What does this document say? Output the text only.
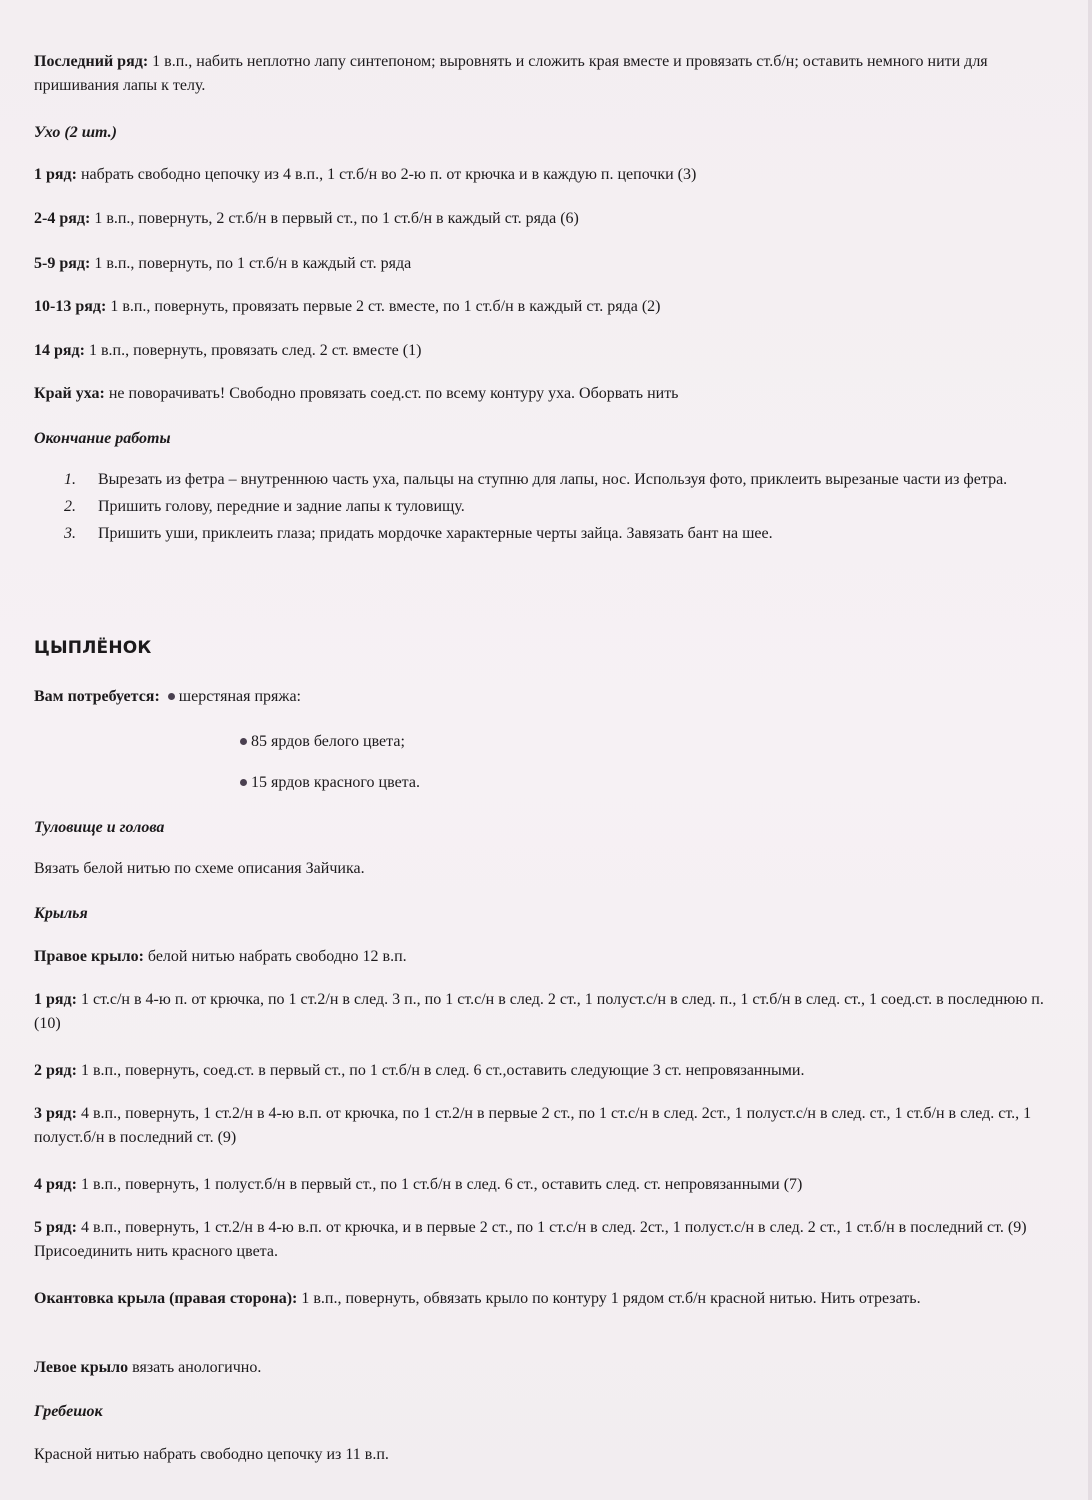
Последний ряд: 1 в.п., набить неплотно лапу синтепоном; выровнять и сложить края вместе и провязать ст.б/н; оставить немного нити для пришивания лапы к телу.

Ухо (2 шт.)

1 ряд: набрать свободно цепочку из 4 в.п., 1 ст.б/н во 2-ю п. от крючка и в каждую п. цепочки (3)

2-4 ряд: 1 в.п., повернуть, 2 ст.б/н в первый ст., по 1 ст.б/н в каждый ст. ряда (6)

5-9 ряд: 1 в.п., повернуть, по 1 ст.б/н в каждый ст. ряда

10-13 ряд: 1 в.п., повернуть, провязать первые 2 ст. вместе, по 1 ст.б/н в каждый ст. ряда (2)

14 ряд: 1 в.п., повернуть, провязать след. 2 ст. вместе (1)

Край уха: не поворачивать! Свободно провязать соед.ст. по всему контуру уха. Оборвать нить

Окончание работы

1. Вырезать из фетра – внутреннюю часть уха, пальцы на ступню для лапы, нос. Используя фото, приклеить вырезаные части из фетра.
2. Пришить голову, передние и задние лапы к туловищу.
3. Пришить уши, приклеить глаза; придать мордочке характерные черты зайца. Завязать бант на шее.
ЦЫПЛЁНОК

Вам потребуется: шерстяная пряжа:

85 ярдов белого цвета;

15 ярдов красного цвета.

Туловище и голова

Вязать белой нитью по схеме описания Зайчика.

Крылья

Правое крыло: белой нитью набрать свободно 12 в.п.

1 ряд: 1 ст.с/н в 4-ю п. от крючка, по 1 ст.2/н в след. 3 п., по 1 ст.с/н в след. 2 ст., 1 полуст.с/н в след. п., 1 ст.б/н в след. ст., 1 соед.ст. в последнюю п. (10)

2 ряд: 1 в.п., повернуть, соед.ст. в первый ст., по 1 ст.б/н в след. 6 ст.,оставить следующие 3 ст. непровязанными.

3 ряд: 4 в.п., повернуть, 1 ст.2/н в 4-ю в.п. от крючка, по 1 ст.2/н в первые 2 ст., по 1 ст.с/н в след. 2ст., 1 полуст.с/н в след. ст., 1 ст.б/н в след. ст., 1 полуст.б/н в последний ст. (9)

4 ряд: 1 в.п., повернуть, 1 полуст.б/н в первый ст., по 1 ст.б/н в след. 6 ст., оставить след. ст. непровязанными (7)

5 ряд: 4 в.п., повернуть, 1 ст.2/н в 4-ю в.п. от крючка, и в первые 2 ст., по 1 ст.с/н в след. 2ст., 1 полуст.с/н в след. 2 ст., 1 ст.б/н в последний ст. (9) Присоединить нить красного цвета.

Окантовка крыла (правая сторона): 1 в.п., повернуть, обвязать крыло по контуру 1 рядом ст.б/н красной нитью. Нить отрезать.

Левое крыло вязать анологично.

Гребешок

Красной нитью набрать свободно цепочку из 11 в.п.
